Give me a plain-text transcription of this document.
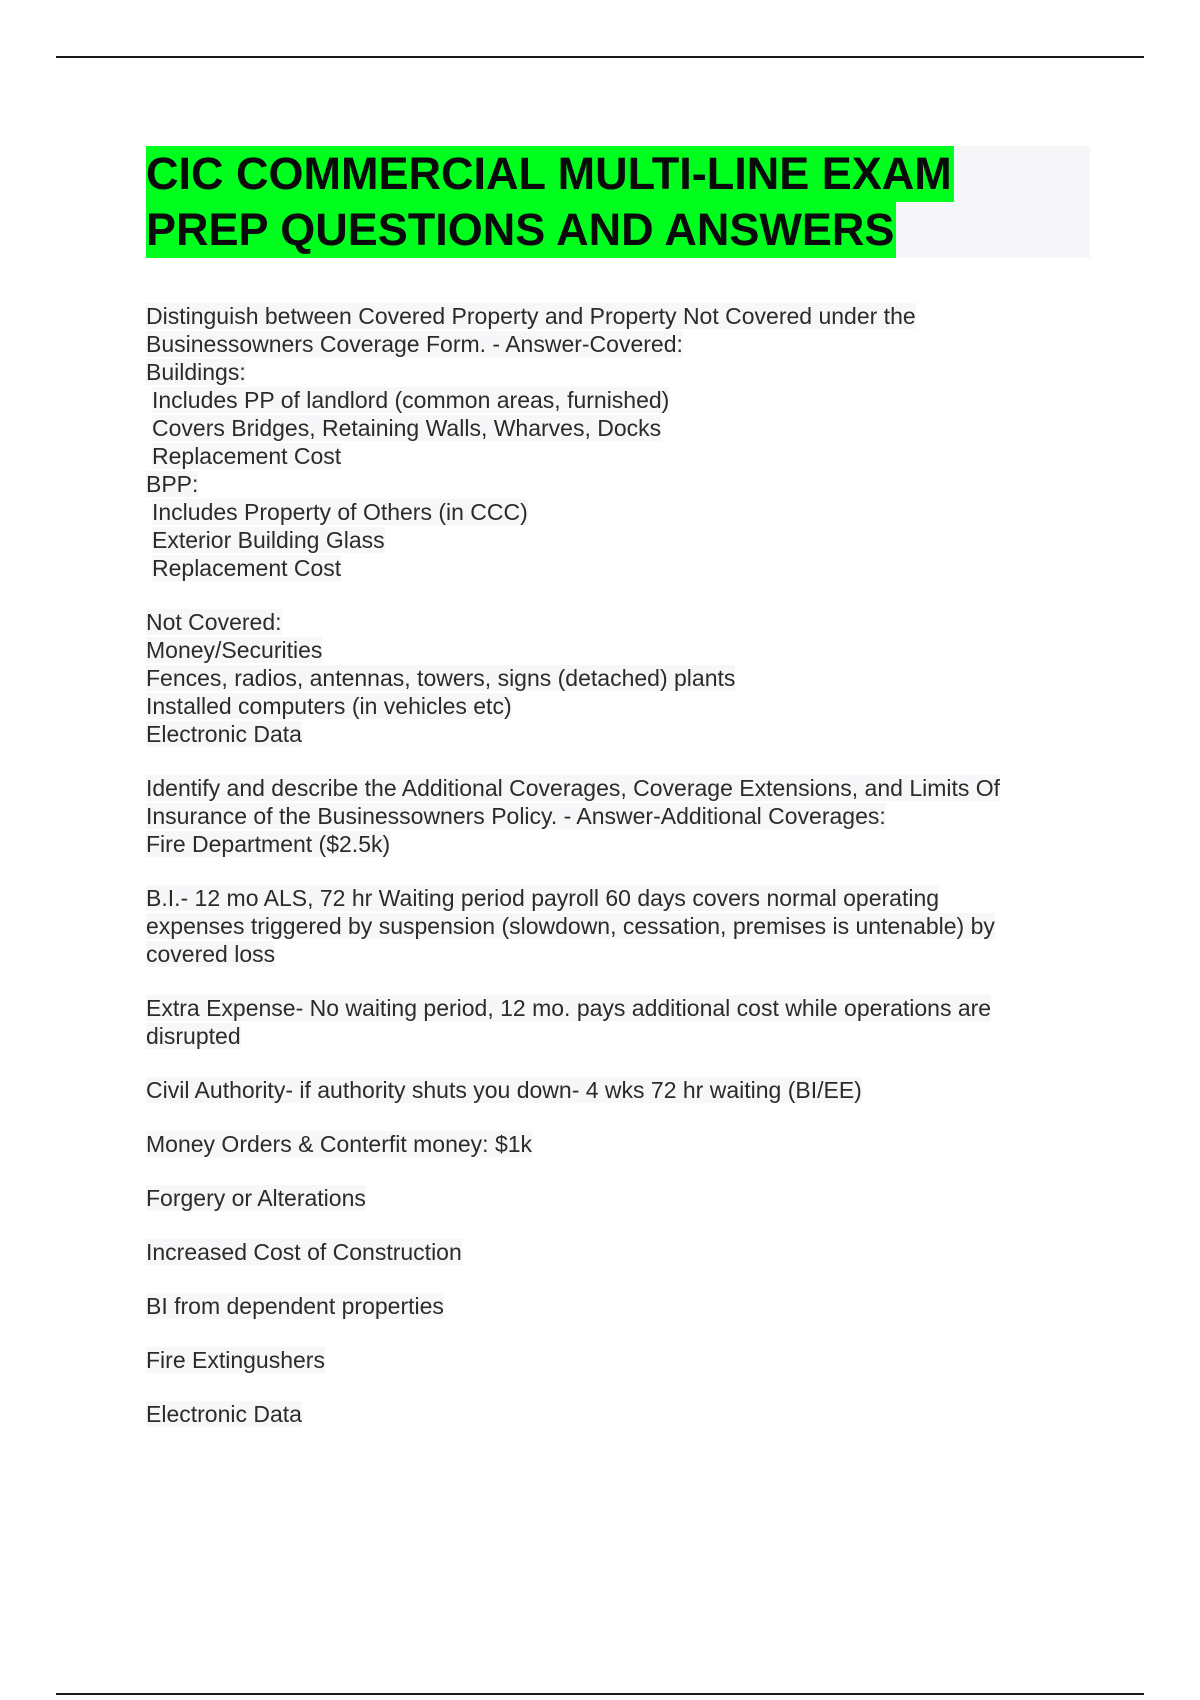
CIC COMMERCIAL MULTI-LINE EXAM
PREP QUESTIONS AND ANSWERS
Distinguish between Covered Property and Property Not Covered under the
Businessowners Coverage Form. - Answer-Covered:
Buildings:
Includes PP of landlord (common areas, furnished)
Covers Bridges, Retaining Walls, Wharves, Docks
Replacement Cost
BPP:
Includes Property of Others (in CCC)
Exterior Building Glass
Replacement Cost
Not Covered:
Money/Securities
Fences, radios, antennas, towers, signs (detached) plants
Installed computers (in vehicles etc)
Electronic Data
Identify and describe the Additional Coverages, Coverage Extensions, and Limits Of
Insurance of the Businessowners Policy. - Answer-Additional Coverages:
Fire Department ($2.5k)
B.I.- 12 mo ALS, 72 hr Waiting period payroll 60 days covers normal operating
expenses triggered by suspension (slowdown, cessation, premises is untenable) by
covered loss
Extra Expense- No waiting period, 12 mo. pays additional cost while operations are
disrupted
Civil Authority- if authority shuts you down- 4 wks 72 hr waiting (BI/EE)
Money Orders & Conterfit money: $1k
Forgery or Alterations
Increased Cost of Construction
BI from dependent properties
Fire Extingushers
Electronic Data
